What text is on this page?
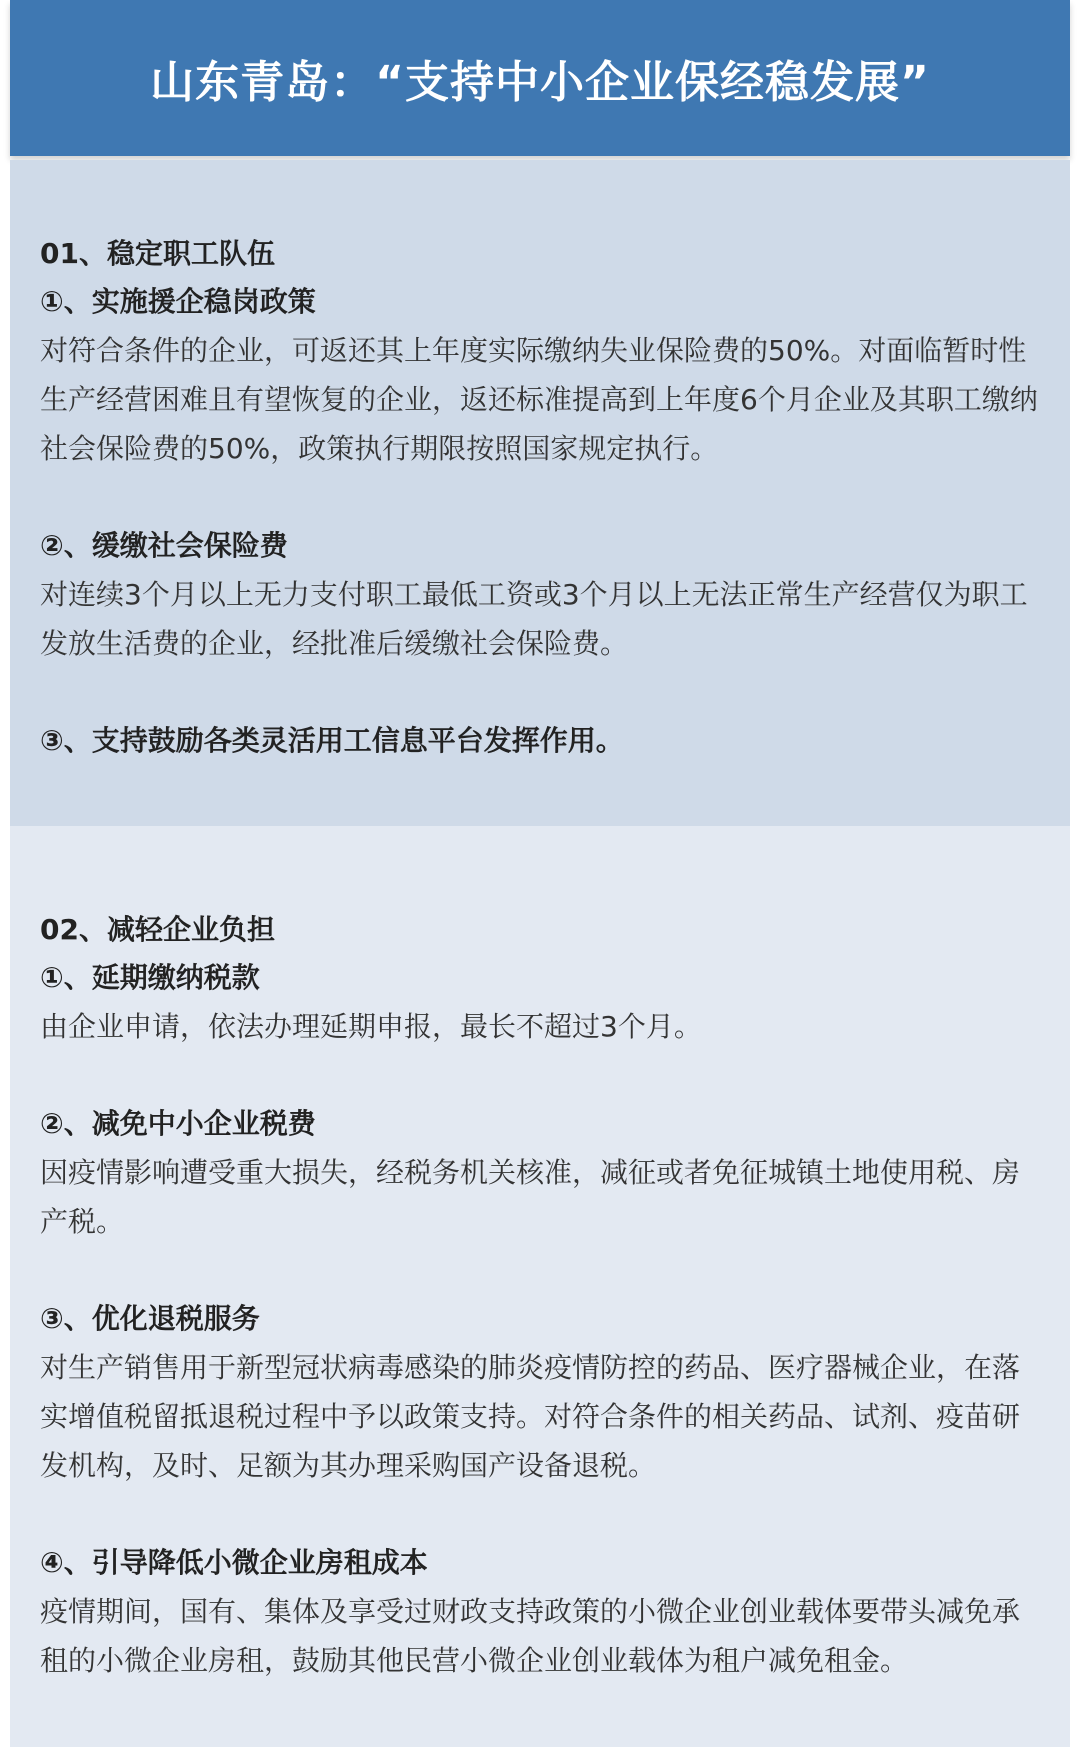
山东青岛：“支持中小企业保经稳发展”

01、稳定职工队伍

①、实施援企稳岗政策

对符合条件的企业，可返还其上年度实际缴纳失业保险费的50%。对面临暂时性生产经营困难且有望恢复的企业，返还标准提高到上年度6个月企业及其职工缴纳社会保险费的50%，政策执行期限按照国家规定执行。

②、缓缴社会保险费

对连续3个月以上无力支付职工最低工资或3个月以上无法正常生产经营仅为职工发放生活费的企业，经批准后缓缴社会保险费。

③、支持鼓励各类灵活用工信息平台发挥作用。

02、减轻企业负担

①、延期缴纳税款

由企业申请，依法办理延期申报，最长不超过3个月。

②、减免中小企业税费

因疫情影响遭受重大损失，经税务机关核准，减征或者免征城镇土地使用税、房产税。

③、优化退税服务

对生产销售用于新型冠状病毒感染的肺炎疫情防控的药品、医疗器械企业，在落实增值税留抵退税过程中予以政策支持。对符合条件的相关药品、试剂、疫苗研发机构，及时、足额为其办理采购国产设备退税。

④、引导降低小微企业房租成本

疫情期间，国有、集体及享受过财政支持政策的小微企业创业载体要带头减免承租的小微企业房租，鼓励其他民营小微企业创业载体为租户减免租金。
